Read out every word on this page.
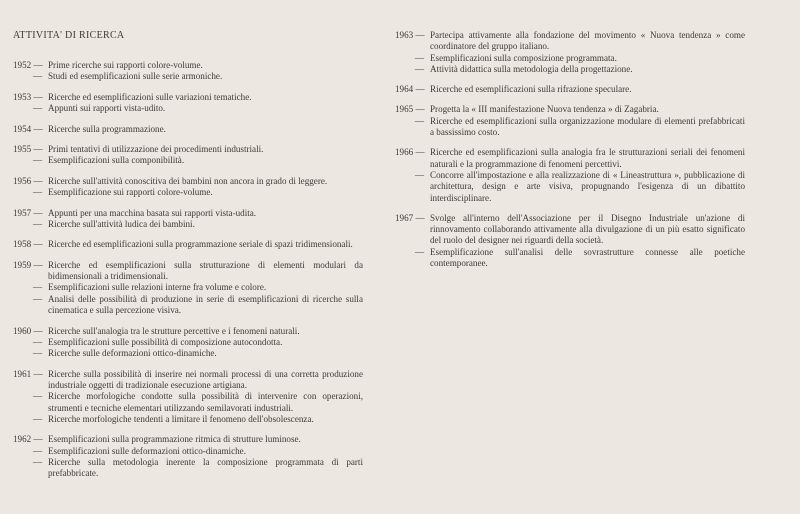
ATTIVITA' DI RICERCA
1952 — Prime ricerche sui rapporti colore-volume.
— Studi ed esemplificazioni sulle serie armoniche.
1953 — Ricerche ed esemplificazioni sulle variazioni tematiche.
— Appunti sui rapporti vista-udito.
1954 — Ricerche sulla programmazione.
1955 — Primi tentativi di utilizzazione dei procedimenti industriali.
— Esemplificazioni sulla componibilità.
1956 — Ricerche sull'attività conoscitiva dei bambini non ancora in grado di leggere.
— Esemplificazione sui rapporti colore-volume.
1957 — Appunti per una macchina basata sui rapporti vista-udita.
— Ricerche sull'attività ludica dei bambini.
1958 — Ricerche ed esemplificazioni sulla programmazione seriale di spazi tridimensionali.
1959 — Ricerche ed esemplificazioni sulla strutturazione di elementi modulari da bidimensionali a tridimensionali.
— Esemplificazioni sulle relazioni interne fra volume e colore.
— Analisi delle possibilità di produzione in serie di esemplificazioni di ricerche sulla cinematica e sulla percezione visiva.
1960 — Ricerche sull'analogia tra le strutture percettive e i fenomeni naturali.
— Esemplificazioni sulle possibilità di composizione autocondotta.
— Ricerche sulle deformazioni ottico-dinamiche.
1961 — Ricerche sulla possibilità di inserire nei normali processi di una corretta produzione industriale oggetti di tradizionale esecuzione artigiana.
— Ricerche morfologiche condotte sulla possibilità di intervenire con operazioni, strumenti e tecniche elementari utilizzando semilavorati industriali.
— Ricerche morfologiche tendenti a limitare il fenomeno dell'obsolescenza.
1962 — Esemplificazioni sulla programmazione ritmica di strutture luminose.
— Esemplificazioni sulle deformazioni ottico-dinamiche.
— Ricerche sulla metodologia inerente la composizione programmata di parti prefabbricate.
1963 — Partecipa attivamente alla fondazione del movimento « Nuova tendenza » come coordinatore del gruppo italiano.
— Esemplificazioni sulla composizione programmata.
— Attività didattica sulla metodologia della progettazione.
1964 — Ricerche ed esemplificazioni sulla rifrazione speculare.
1965 — Progetta la « III manifestazione Nuova tendenza » di Zagabria.
— Ricerche ed esemplificazioni sulla organizzazione modulare di elementi prefabbricati a bassissimo costo.
1966 — Ricerche ed esemplificazioni sulla analogia fra le strutturazioni seriali dei fenomeni naturali e la programmazione di fenomeni percettivi.
— Concorre all'impostazione e alla realizzazione di « Lineastruttura », pubblicazione di architettura, design e arte visiva, propugnando l'esigenza di un dibattito interdisciplinare.
1967 — Svolge all'interno dell'Associazione per il Disegno Industriale un'azione di rinnovamento collaborando attivamente alla divulgazione di un più esatto significato del ruolo del designer nei riguardi della società.
— Esemplificazione sull'analisi delle sovrastrutture connesse alle poetiche contemporanee.
